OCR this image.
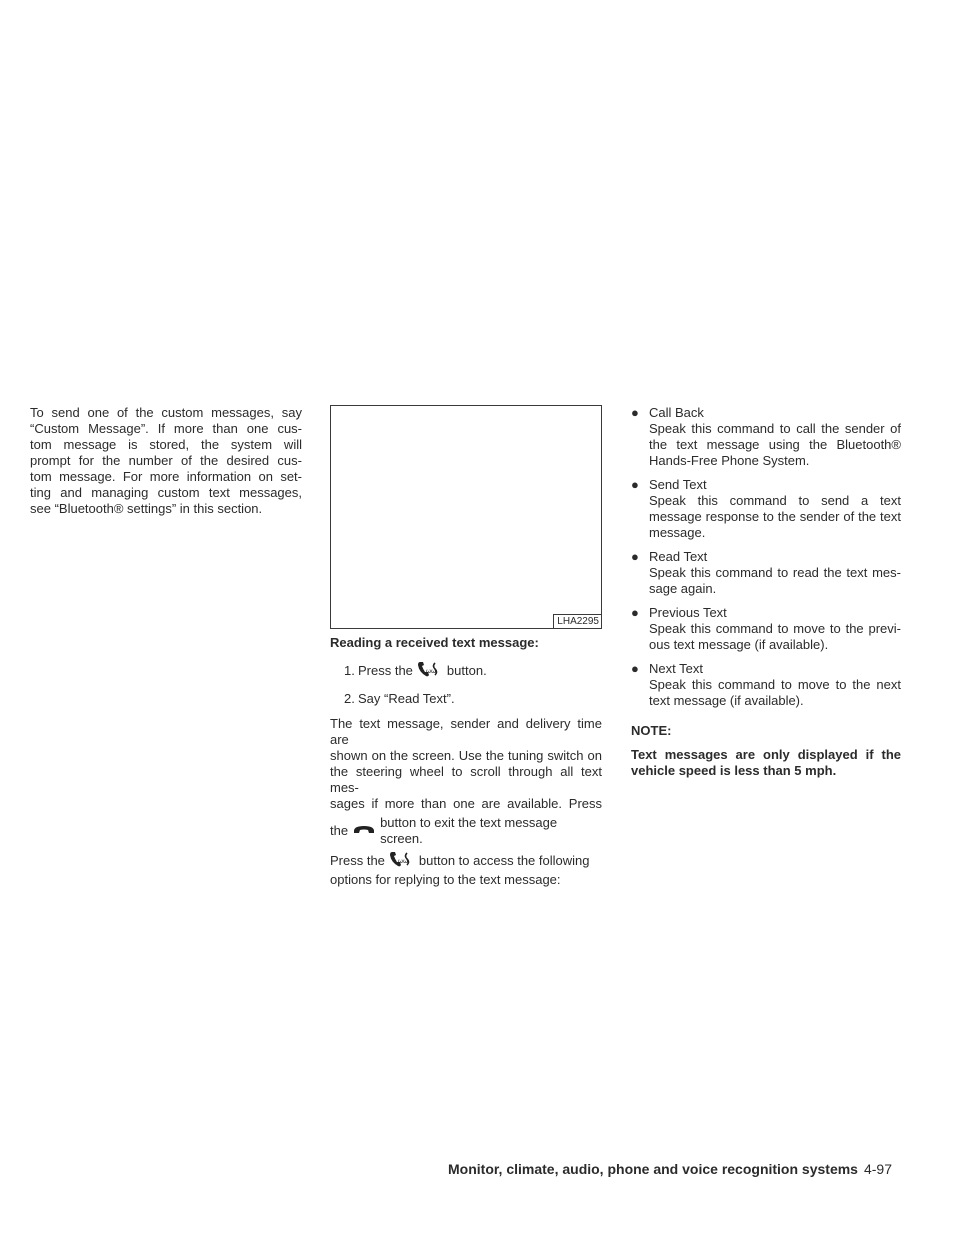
To send one of the custom messages, say

“Custom Message”. If more than one cus-

tom message is stored, the system will

prompt for the number of the desired cus-

tom message. For more information on set-

ting and managing custom text messages,

see “Bluetooth® settings” in this section.

LHA2295

Reading a received text message:

1. Press the ωω button.
2. Say “Read Text”.

The text message, sender and delivery time are

shown on the screen. Use the tuning switch on

the steering wheel to scroll through all text mes-

sages if more than one are available. Press

the
button to exit the text message screen.

Press the ωω button to access the following

options for replying to the text message:

● Call Back

Speak this command to call the sender of the text message using the Bluetooth® Hands-Free Phone System.

● Send Text

Speak this command to send a text message response to the sender of the text message.

● Read Text

Speak this command to read the text mes-sage again.

● Previous Text

Speak this command to move to the previ-ous text message (if available).

● Next Text

Speak this command to move to the next text message (if available).

NOTE:

Text messages are only displayed if the vehicle speed is less than 5 mph.

Monitor, climate, audio, phone and voice recognition systems 4-97
